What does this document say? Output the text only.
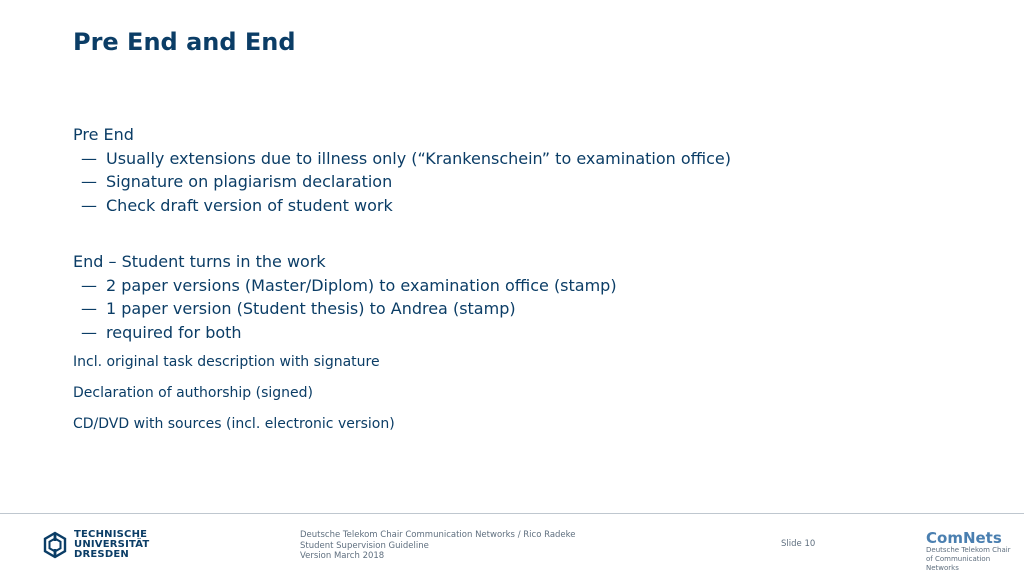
Pre End and End
Pre End
— Usually extensions due to illness only (“Krankenschein” to examination office)
— Signature on plagiarism declaration
— Check draft version of student work
End – Student turns in the work
— 2 paper versions (Master/Diplom) to examination office (stamp)
— 1 paper version (Student thesis) to Andrea (stamp)
— required for both
Incl. original task description with signature
Declaration of authorship (signed)
CD/DVD with sources (incl. electronic version)
TECHNISCHE
UNIVERSITÄT
DRESDEN
Deutsche Telekom Chair Communication Networks / Rico Radeke
Student Supervision Guideline
Version March 2018
Slide 10	ComNets
Deutsche Telekom Chair
of Communication Networks
